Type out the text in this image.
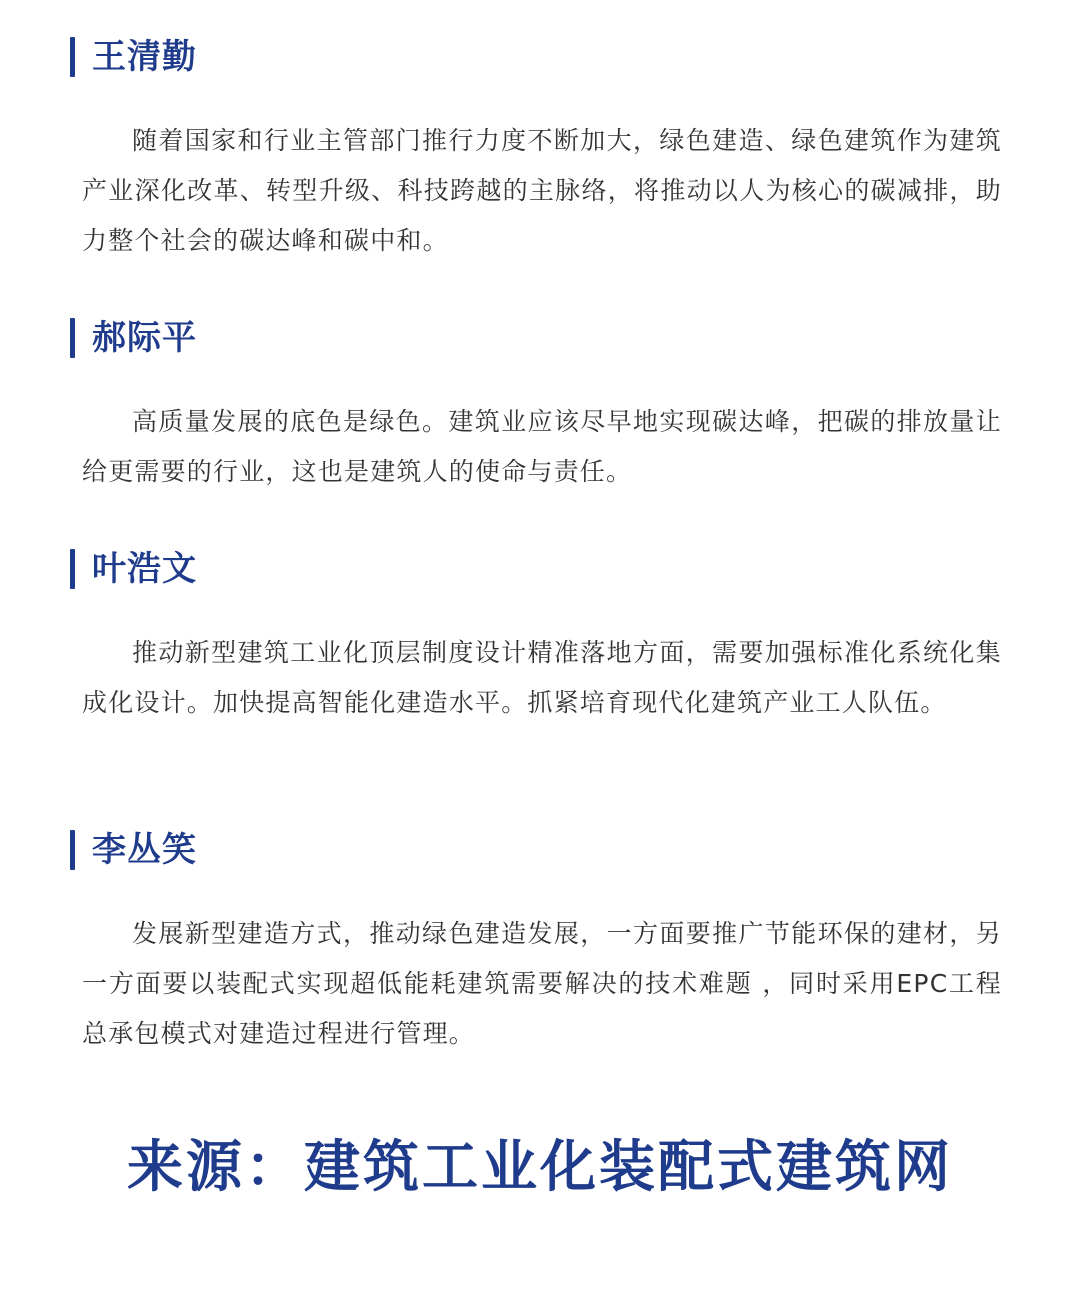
王清勤

随着国家和行业主管部门推行力度不断加大，绿色建造、绿色建筑作为建筑产业深化改革、转型升级、科技跨越的主脉络，将推动以人为核心的碳减排，助力整个社会的碳达峰和碳中和。

郝际平

高质量发展的底色是绿色。建筑业应该尽早地实现碳达峰，把碳的排放量让给更需要的行业，这也是建筑人的使命与责任。

叶浩文

推动新型建筑工业化顶层制度设计精准落地方面，需要加强标准化系统化集成化设计。加快提高智能化建造水平。抓紧培育现代化建筑产业工人队伍。

李丛笑

发展新型建造方式，推动绿色建造发展，一方面要推广节能环保的建材，另一方面要以装配式实现超低能耗建筑需要解决的技术难题 ，同时采用EPC工程总承包模式对建造过程进行管理。

来源：建筑工业化装配式建筑网
